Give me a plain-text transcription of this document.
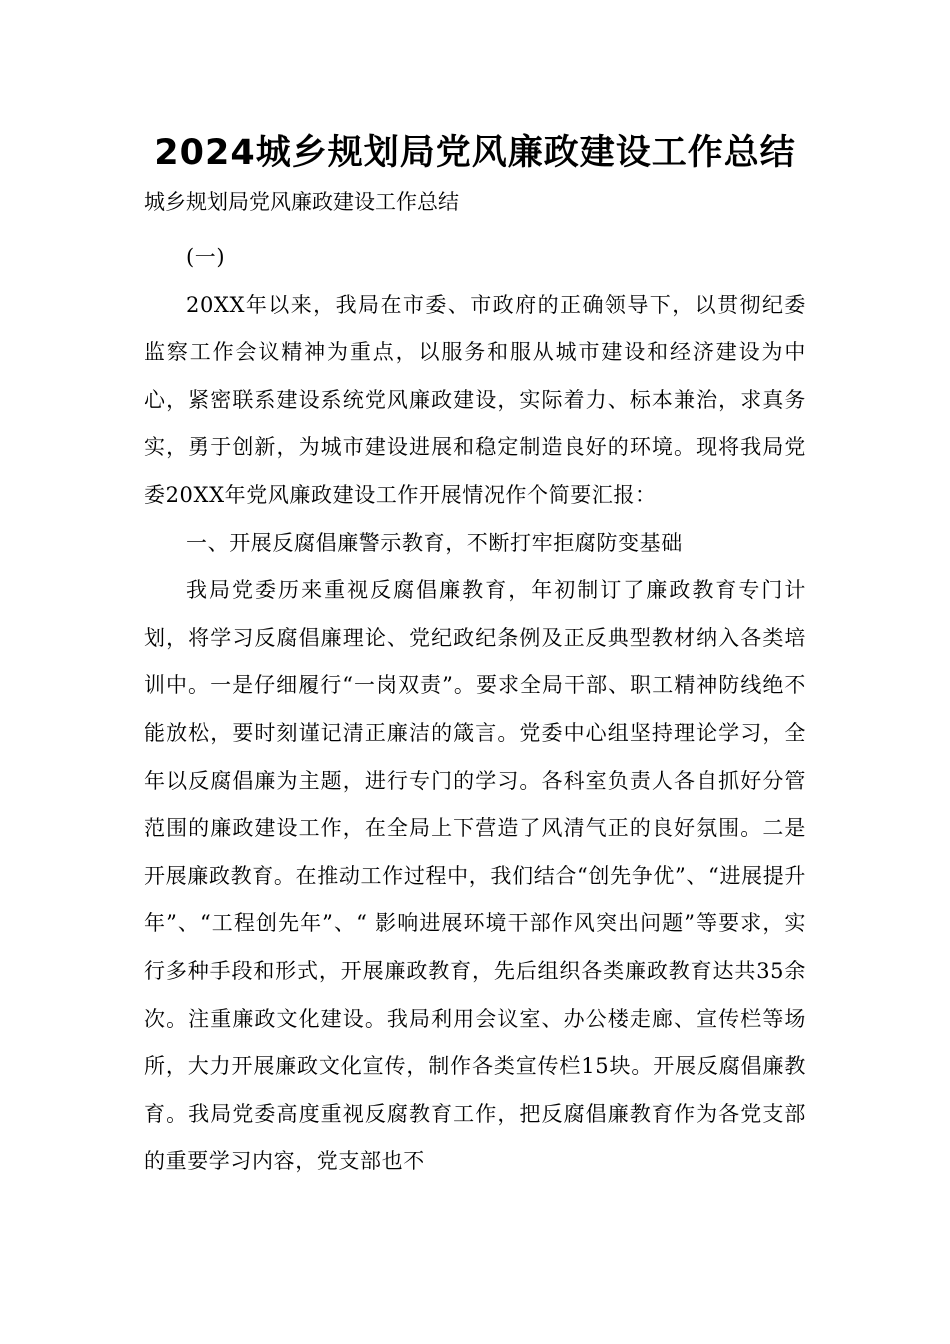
2024城乡规划局党风廉政建设工作总结

城乡规划局党风廉政建设工作总结

(一)

20XX年以来，我局在市委、市政府的正确领导下，以贯彻纪委监察工作会议精神为重点，以服务和服从城市建设和经济建设为中心，紧密联系建设系统党风廉政建设，实际着力、标本兼治，求真务实，勇于创新，为城市建设进展和稳定制造良好的环境。现将我局党委20XX年党风廉政建设工作开展情况作个简要汇报：

一、开展反腐倡廉警示教育，不断打牢拒腐防变基础

我局党委历来重视反腐倡廉教育，年初制订了廉政教育专门计划，将学习反腐倡廉理论、党纪政纪条例及正反典型教材纳入各类培训中。一是仔细履行“一岗双责”。要求全局干部、职工精神防线绝不能放松，要时刻谨记清正廉洁的箴言。党委中心组坚持理论学习，全年以反腐倡廉为主题，进行专门的学习。各科室负责人各自抓好分管范围的廉政建设工作，在全局上下营造了风清气正的良好氛围。二是开展廉政教育。在推动工作过程中，我们结合“创先争优”、“进展提升年”、“工程创先年”、“ 影响进展环境干部作风突出问题”等要求，实行多种手段和形式，开展廉政教育，先后组织各类廉政教育达共35余次。注重廉政文化建设。我局利用会议室、办公楼走廊、宣传栏等场所，大力开展廉政文化宣传，制作各类宣传栏15块。开展反腐倡廉教育。我局党委高度重视反腐教育工作，把反腐倡廉教育作为各党支部的重要学习内容，党支部也不
